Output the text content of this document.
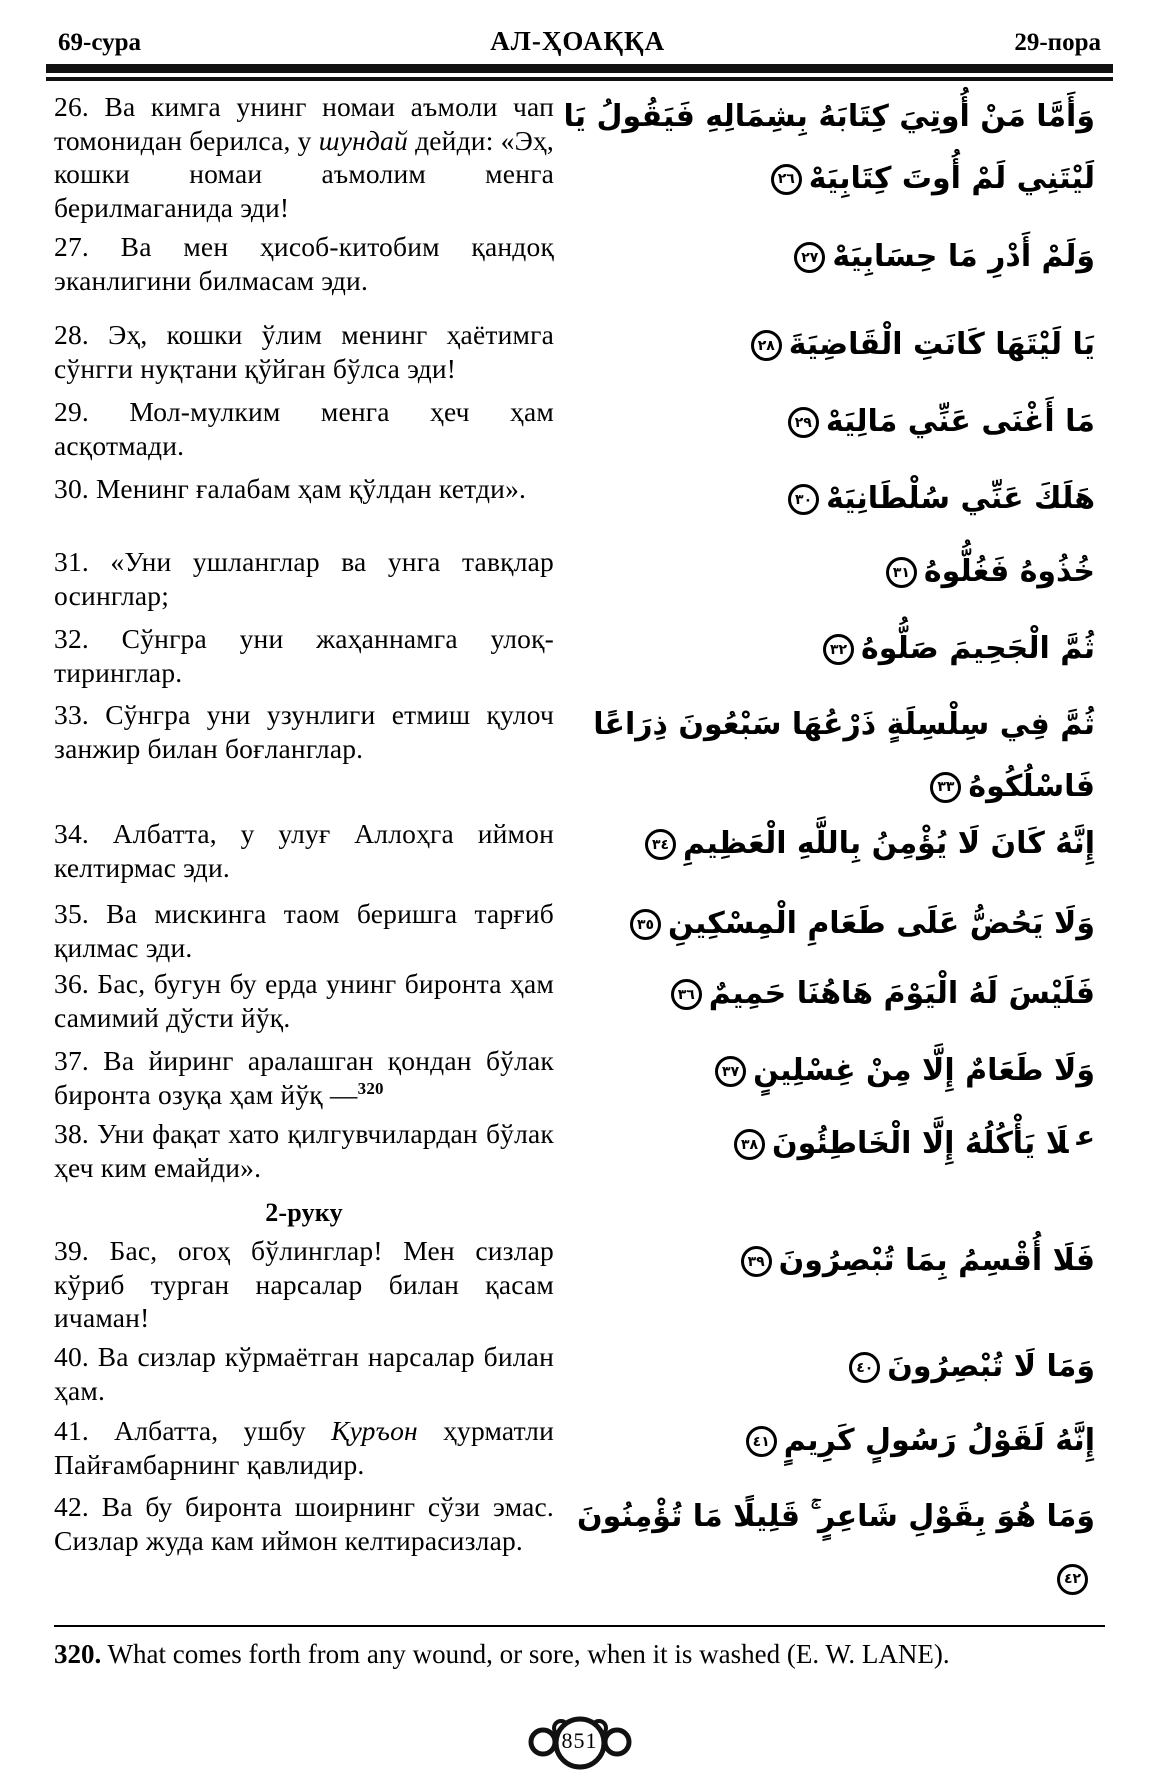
69-сура	АЛ-ҲОАҚҚА	29-пора
26. Ва кимга унинг номаи аъмоли чап томонидан берилса, у шундай дейди: «Эҳ, кошки номаи аъмолим менга берилмаганида эди!
وَأَمَّا مَنْ أُوتِيَ كِتَابَهُ بِشِمَالِهِ فَيَقُولُ يَا لَيْتَنِي لَمْ أُوتَ كِتَابِيَهْ٢٦
27. Ва мен ҳисоб-китобим қандоқ эканлигини билмасам эди.
وَلَمْ أَدْرِ مَا حِسَابِيَهْ٢٧
28. Эҳ, кошки ўлим менинг ҳаётимга сўнгги нуқтани қўйган бўлса эди!
يَا لَيْتَهَا كَانَتِ الْقَاضِيَةَ٢٨
29. Мол-мулким менга ҳеч ҳам асқотмади.
مَا أَغْنَى عَنِّي مَالِيَهْ٢٩
30. Менинг ғалабам ҳам қўлдан кетди».	هَلَكَ عَنِّي سُلْطَانِيَهْ٣٠
31. «Уни ушланглар ва унга тавқлар осинглар;
خُذُوهُ فَغُلُّوهُ٣١
32. Сўнгра уни жаҳаннамга улоқ-тиринглар.
ثُمَّ الْجَحِيمَ صَلُّوهُ٣٢
33. Сўнгра уни узунлиги етмиш қулоч занжир билан боғланглар.
ثُمَّ فِي سِلْسِلَةٍ ذَرْعُهَا سَبْعُونَ ذِرَاعًا فَاسْلُكُوهُ٣٣
34. Албатта, у улуғ Аллоҳга иймон келтирмас эди.
إِنَّهُ كَانَ لَا يُؤْمِنُ بِاللَّهِ الْعَظِيمِ٣٤
35. Ва мискинга таом беришга тарғиб қилмас эди.
وَلَا يَحُضُّ عَلَى طَعَامِ الْمِسْكِينِ٣٥
36. Бас, бугун бу ерда унинг биронта ҳам самимий дўсти йўқ.
فَلَيْسَ لَهُ الْيَوْمَ هَاهُنَا حَمِيمٌ٣٦
37. Ва йиринг аралашган қондан бўлак биронта озуқа ҳам йўқ —$^{320}$	وَلَا طَعَامٌ إِلَّا مِنْ غِسْلِينٍ٣٧
38. Уни фақат хато қилгувчилардан бўлак ҳеч ким емайди».
علَا يَأْكُلُهُ إِلَّا الْخَاطِئُونَ٣٨
2-руку
39. Бас, огоҳ бўлинглар! Мен сизлар кўриб турган нарсалар билан қасам ичаман!
فَلَا أُقْسِمُ بِمَا تُبْصِرُونَ٣٩
40. Ва сизлар кўрмаётган нарсалар билан ҳам.
وَمَا لَا تُبْصِرُونَ٤٠
41. Албатта, ушбу Қуръон ҳурматли Пайғамбарнинг қавлидир.
إِنَّهُ لَقَوْلُ رَسُولٍ كَرِيمٍ٤١
42. Ва бу биронта шоирнинг сўзи эмас. Сизлар жуда кам иймон келтирасизлар.
وَمَا هُوَ بِقَوْلِ شَاعِرٍ ۚ قَلِيلًا مَا تُؤْمِنُونَ٤٢
320. What comes forth from any wound, or sore, when it is washed (E. W. LANE).
851
